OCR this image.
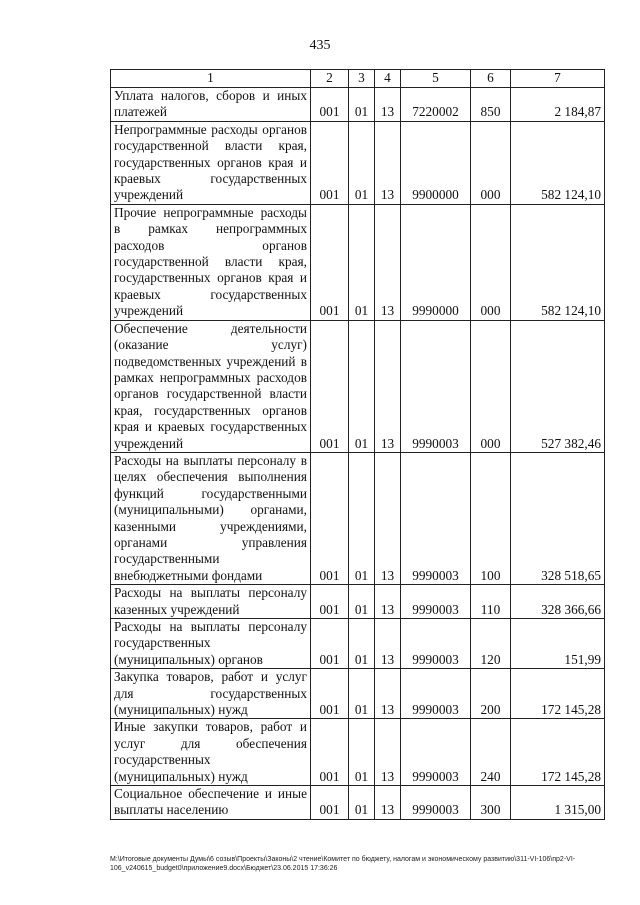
435
1	2	3	4	5	6	7
Уплата налогов, сборов и иных платежей	001	01	13	7220002	850	2 184,87
Непрограммные расходы органов государственной власти края, государственных органов края и краевых государственных учреждений	001	01	13	9900000	000	582 124,10
Прочие непрограммные расходы в рамках непрограммных расходов органов государственной власти края, государственных органов края и краевых государственных учреждений	001	01	13	9990000	000	582 124,10
Обеспечение деятельности (оказание услуг) подведомственных учреждений в рамках непрограммных расходов органов государственной власти края, государственных органов края и краевых государственных учреждений	001	01	13	9990003	000	527 382,46
Расходы на выплаты персоналу в целях обеспечения выполнения функций государственными (муниципальными) органами, казенными учреждениями, органами управления государственными внебюджетными фондами	001	01	13	9990003	100	328 518,65
Расходы на выплаты персоналу казенных учреждений	001	01	13	9990003	110	328 366,66
Расходы на выплаты персоналу государственных (муниципальных) органов	001	01	13	9990003	120	151,99
Закупка товаров, работ и услуг для государственных (муниципальных) нужд	001	01	13	9990003	200	172 145,28
Иные закупки товаров, работ и услуг для обеспечения государственных (муниципальных) нужд	001	01	13	9990003	240	172 145,28
Социальное обеспечение и иные выплаты населению	001	01	13	9990003	300	1 315,00
М:\Итоговые документы Думы\6 созыв\Проекты\Законы\2 чтение\Комитет по бюджету, налогам и экономическому развитию\311-VI-106\пр2-VI-106_v240615_budget0\приложение9.docx\Бюджет\23.06.2015 17:36:26
